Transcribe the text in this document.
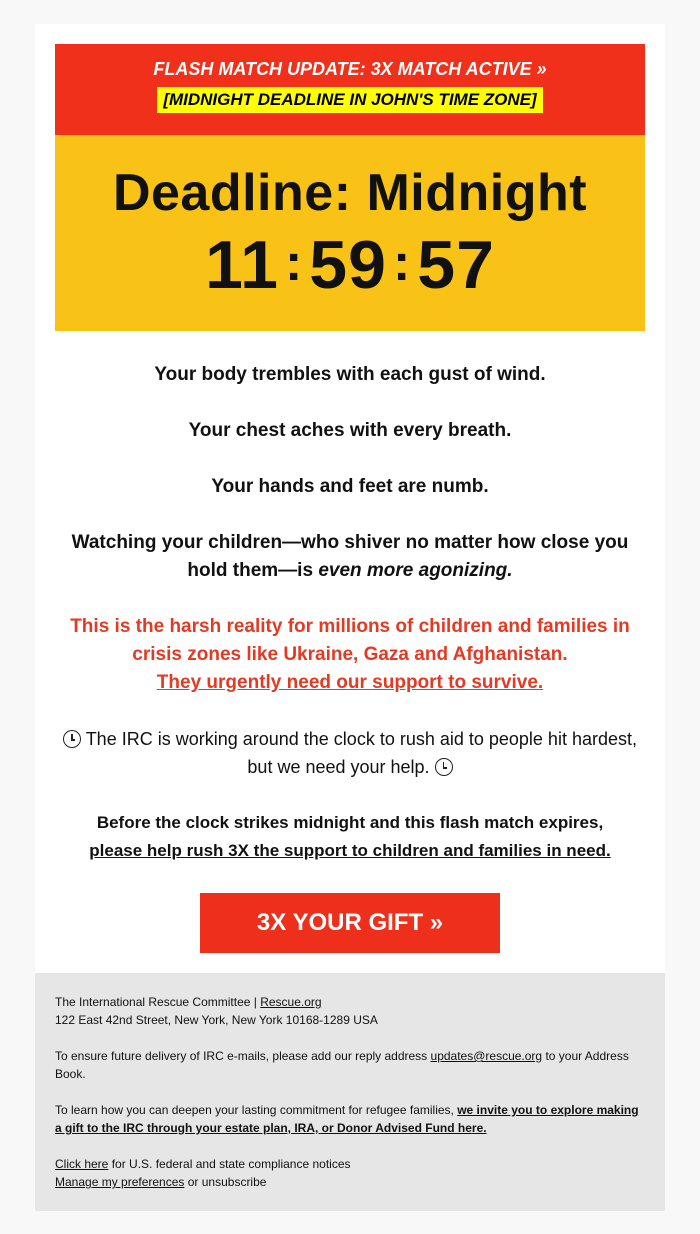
FLASH MATCH UPDATE: 3X MATCH ACTIVE »
[MIDNIGHT DEADLINE IN JOHN'S TIME ZONE]
Deadline: Midnight
11 :59 :57

Your body trembles with each gust of wind.

Your chest aches with every breath.

Your hands and feet are numb.

Watching your children—who shiver no matter how close you hold them—is even more agonizing.

This is the harsh reality for millions of children and families in crisis zones like Ukraine, Gaza and Afghanistan.
They urgently need our support to survive.

The IRC is working around the clock to rush aid to people hit hardest, but we need your help.

Before the clock strikes midnight and this flash match expires,
please help rush 3X the support to children and families in need.

3X YOUR GIFT »

The International Rescue Committee | Rescue.org
122 East 42nd Street, New York, New York 10168-1289 USA

To ensure future delivery of IRC e-mails, please add our reply address updates@rescue.org to your Address Book.

To learn how you can deepen your lasting commitment for refugee families, we invite you to explore making a gift to the IRC through your estate plan, IRA, or Donor Advised Fund here.

Click here for U.S. federal and state compliance notices
Manage my preferences or unsubscribe
